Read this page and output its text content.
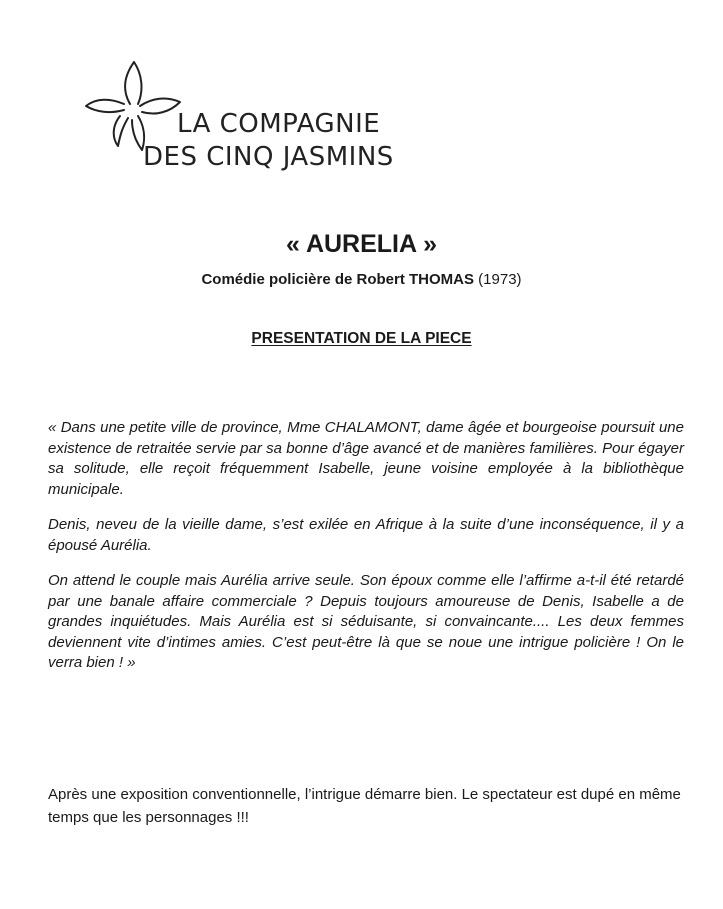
LA COMPAGNIE
DES CINQ JASMINS
« AURELIA »
Comédie policière de Robert THOMAS (1973)
PRESENTATION DE LA PIECE

« Dans une petite ville de province, Mme CHALAMONT, dame âgée et bourgeoise poursuit une existence de retraitée servie par sa bonne d’âge avancé et de manières familières. Pour égayer sa solitude, elle reçoit fréquemment Isabelle, jeune voisine employée à la bibliothèque municipale.

Denis, neveu de la vieille dame, s’est exilée en Afrique à la suite d’une inconséquence, il y a épousé Aurélia.

On attend le couple mais Aurélia arrive seule. Son époux comme elle l’affirme a-t-il été retardé par une banale affaire commerciale ? Depuis toujours amoureuse de Denis, Isabelle a de grandes inquiétudes. Mais Aurélia est si séduisante, si convaincante.... Les deux femmes deviennent vite d’intimes amies. C’est peut-être là que se noue une intrigue policière ! On le verra bien ! »

Après une exposition conventionnelle, l’intrigue démarre bien. Le spectateur est dupé en même temps que les personnages !!!
